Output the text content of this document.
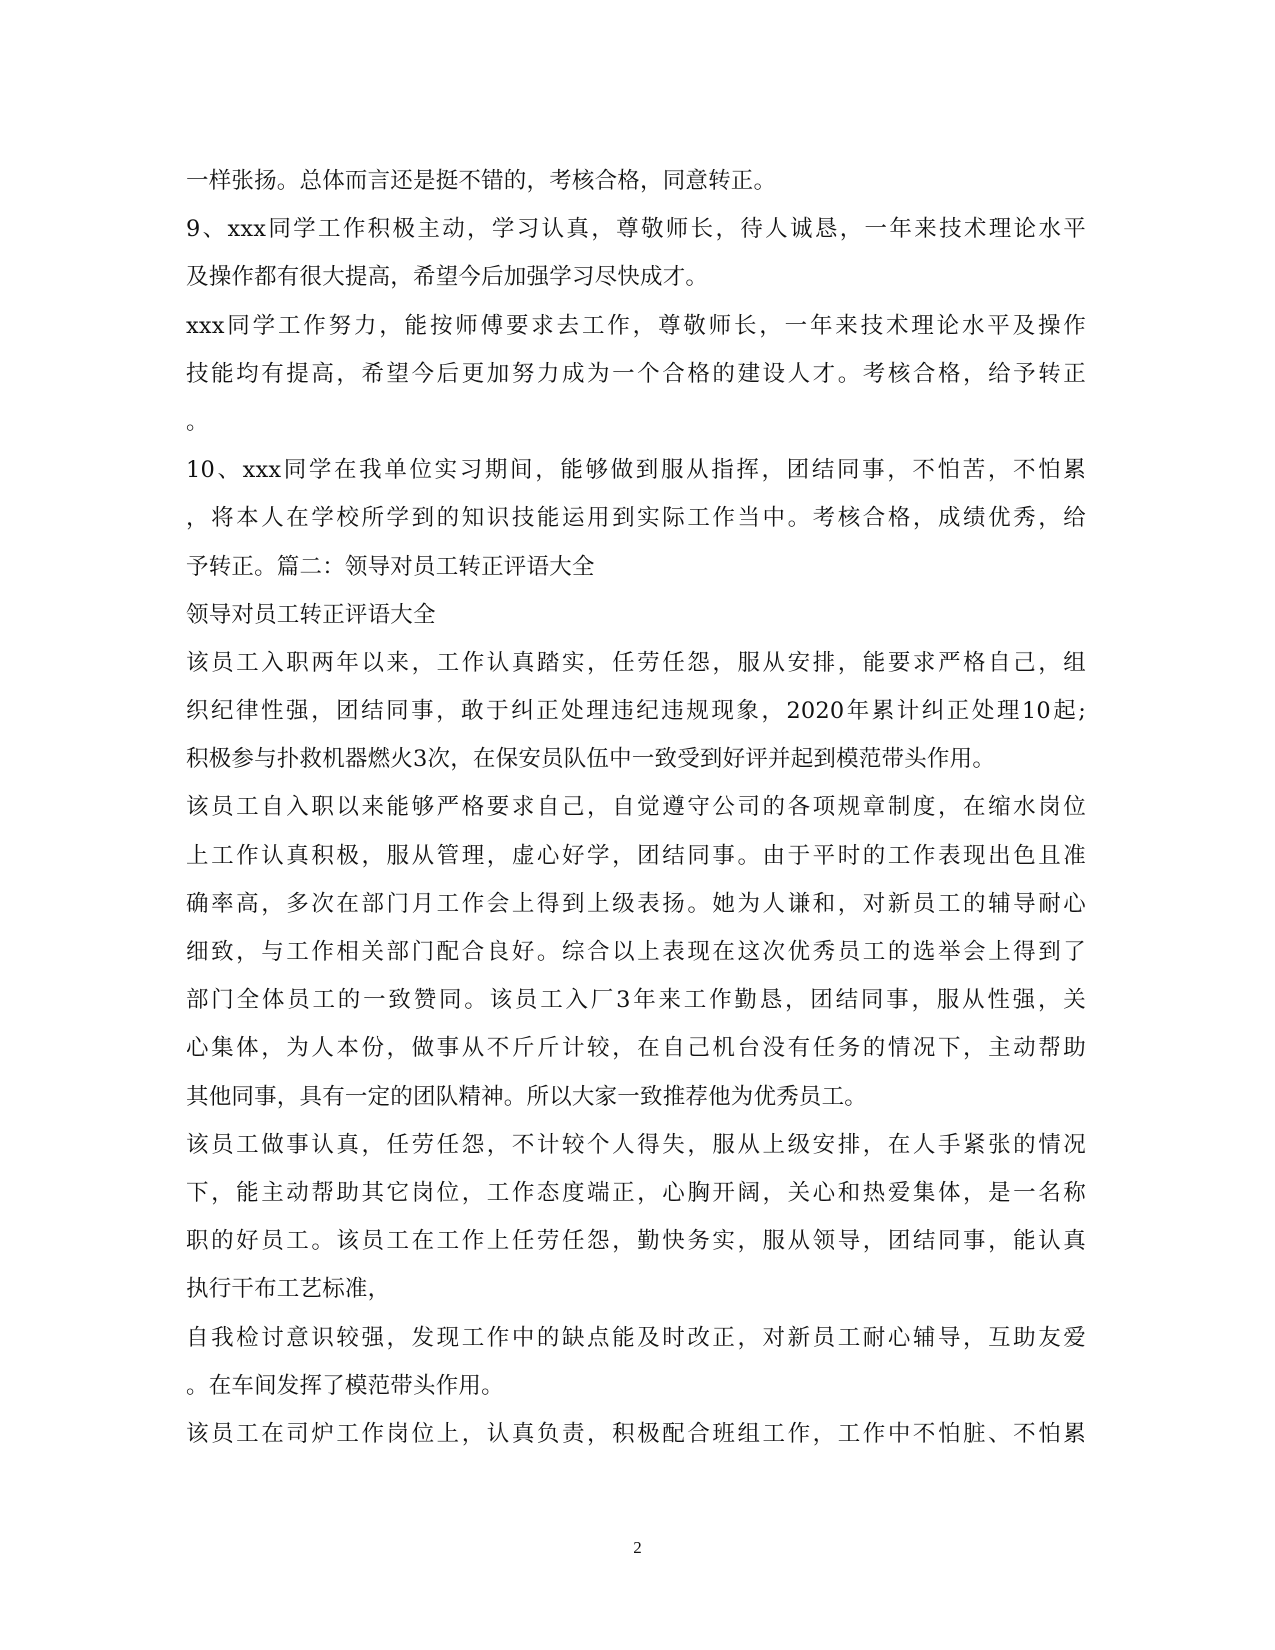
一样张扬。总体而言还是挺不错的，考核合格，同意转正。
9、xxx同学工作积极主动，学习认真，尊敬师长，待人诚恳，一年来技术理论水平
及操作都有很大提高，希望今后加强学习尽快成才。
xxx同学工作努力，能按师傅要求去工作，尊敬师长，一年来技术理论水平及操作
技能均有提高，希望今后更加努力成为一个合格的建设人才。考核合格，给予转正
。
10、xxx同学在我单位实习期间，能够做到服从指挥，团结同事，不怕苦，不怕累
，将本人在学校所学到的知识技能运用到实际工作当中。考核合格，成绩优秀，给
予转正。篇二：领导对员工转正评语大全
领导对员工转正评语大全
该员工入职两年以来，工作认真踏实，任劳任怨，服从安排，能要求严格自己，组
织纪律性强，团结同事，敢于纠正处理违纪违规现象，2020年累计纠正处理10起;
积极参与扑救机器燃火3次，在保安员队伍中一致受到好评并起到模范带头作用。
该员工自入职以来能够严格要求自己，自觉遵守公司的各项规章制度，在缩水岗位
上工作认真积极，服从管理，虚心好学，团结同事。由于平时的工作表现出色且准
确率高，多次在部门月工作会上得到上级表扬。她为人谦和，对新员工的辅导耐心
细致，与工作相关部门配合良好。综合以上表现在这次优秀员工的选举会上得到了
部门全体员工的一致赞同。该员工入厂3年来工作勤恳，团结同事，服从性强，关
心集体，为人本份，做事从不斤斤计较，在自己机台没有任务的情况下，主动帮助
其他同事，具有一定的团队精神。所以大家一致推荐他为优秀员工。
该员工做事认真，任劳任怨，不计较个人得失，服从上级安排，在人手紧张的情况
下，能主动帮助其它岗位，工作态度端正，心胸开阔，关心和热爱集体，是一名称
职的好员工。该员工在工作上任劳任怨，勤快务实，服从领导，团结同事，能认真
执行干布工艺标准，
自我检讨意识较强，发现工作中的缺点能及时改正，对新员工耐心辅导，互助友爱
。在车间发挥了模范带头作用。
该员工在司炉工作岗位上，认真负责，积极配合班组工作，工作中不怕脏、不怕累
2
